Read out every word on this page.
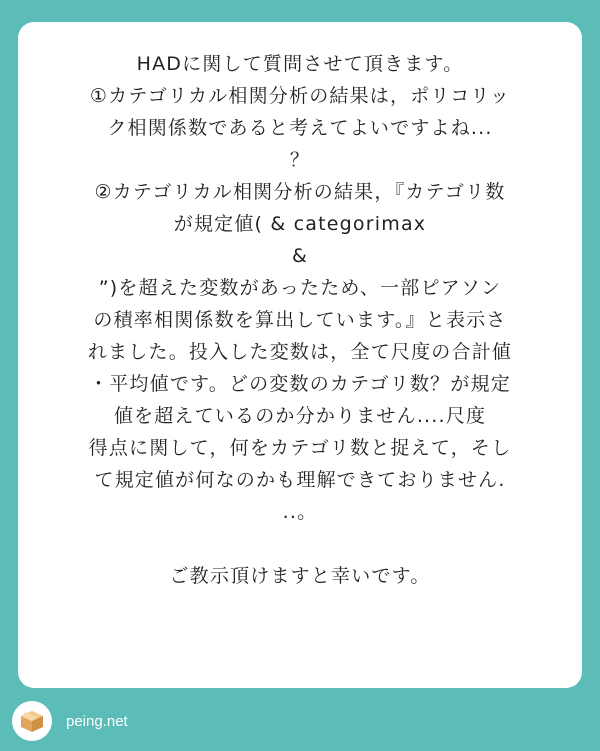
HADに関して質問させて頂きます。
①カテゴリカル相関分析の結果は，ポリコリッ
ク相関係数であると考えてよいですよね...
？
②カテゴリカル相関分析の結果，『カテゴリ数
が規定値( & categorimax
&
”)を超えた変数があったため、一部ピアソン
の積率相関係数を算出しています。』と表示さ
れました。投入した変数は，全て尺度の合計値
・平均値です。どの変数のカテゴリ数？が規定
値を超えているのか分かりません....尺度
得点に関して，何をカテゴリ数と捉えて，そし
て規定値が何なのかも理解できておりません.
..。
ご教示頂けますと幸いです。
peing.net
